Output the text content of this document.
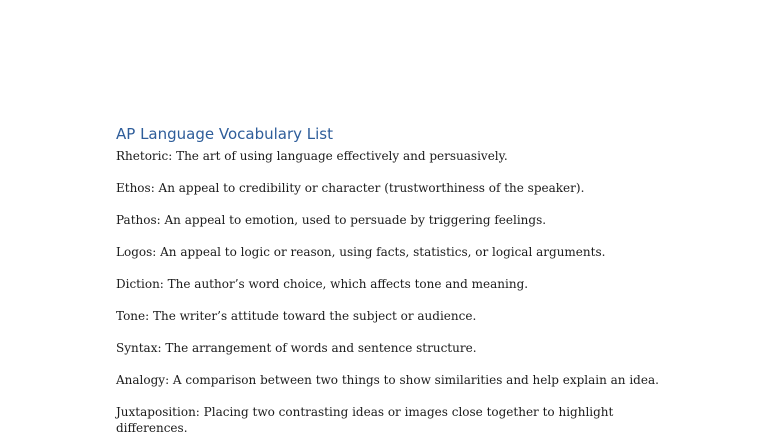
AP Language Vocabulary List

Rhetoric: The art of using language effectively and persuasively.

Ethos: An appeal to credibility or character (trustworthiness of the speaker).

Pathos: An appeal to emotion, used to persuade by triggering feelings.

Logos: An appeal to logic or reason, using facts, statistics, or logical arguments.

Diction: The author’s word choice, which affects tone and meaning.

Tone: The writer’s attitude toward the subject or audience.

Syntax: The arrangement of words and sentence structure.

Analogy: A comparison between two things to show similarities and help explain an idea.

Juxtaposition: Placing two contrasting ideas or images close together to highlight differences.
